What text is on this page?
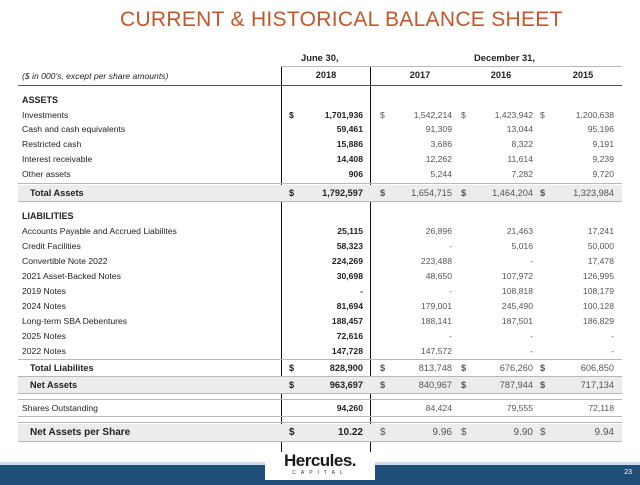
CURRENT & HISTORICAL BALANCE SHEET
June 30,	December 31,
($ in 000's, except per share amounts)	2018	2017	2016	2015
ASSETS
Investments	$	1,701,936 $	1,542,214 $	1,423,942 $	1,200,638
Cash and cash equivalents	59,461	91,309	13,044	95,196
Restricted cash	15,886	3,686	8,322	9,191
Interest receivable	14,408	12,262	11,614	9,239
Other assets	906	5,244	7,282	9,720
Total Assets	$	1,792,597 $	1,654,715 $	1,464,204 $	1,323,984
LIABILITIES
Accounts Payable and Accrued Liabilites	25,115	26,896	21,463	17,241
Credit Facilities	58,323	-	5,016	50,000
Convertible Note 2022	224,269	223,488	-	17,478
2021 Asset-Backed Notes	30,698	48,650	107,972	126,995
2019 Notes	-	-	108,818	108,179
2024 Notes	81,694	179,001	245,490	100,128
Long-term SBA Debentures	188,457	188,141	187,501	186,829
2025 Notes	72,616	-	-	-
2022 Notes	147,728	147,572	-	-
Total Liabilites	$	828,900 $	813,748 $	676,260 $	606,850
Net Assets	$	963,697 $	840,967 $	787,944 $	717,134
Shares Outstanding	94,260	84,424	79,555	72,118
Net Assets per Share	$	10.22 $	9.96 $	9.90 $	9.94
Hercules.
CAPITAL	23
